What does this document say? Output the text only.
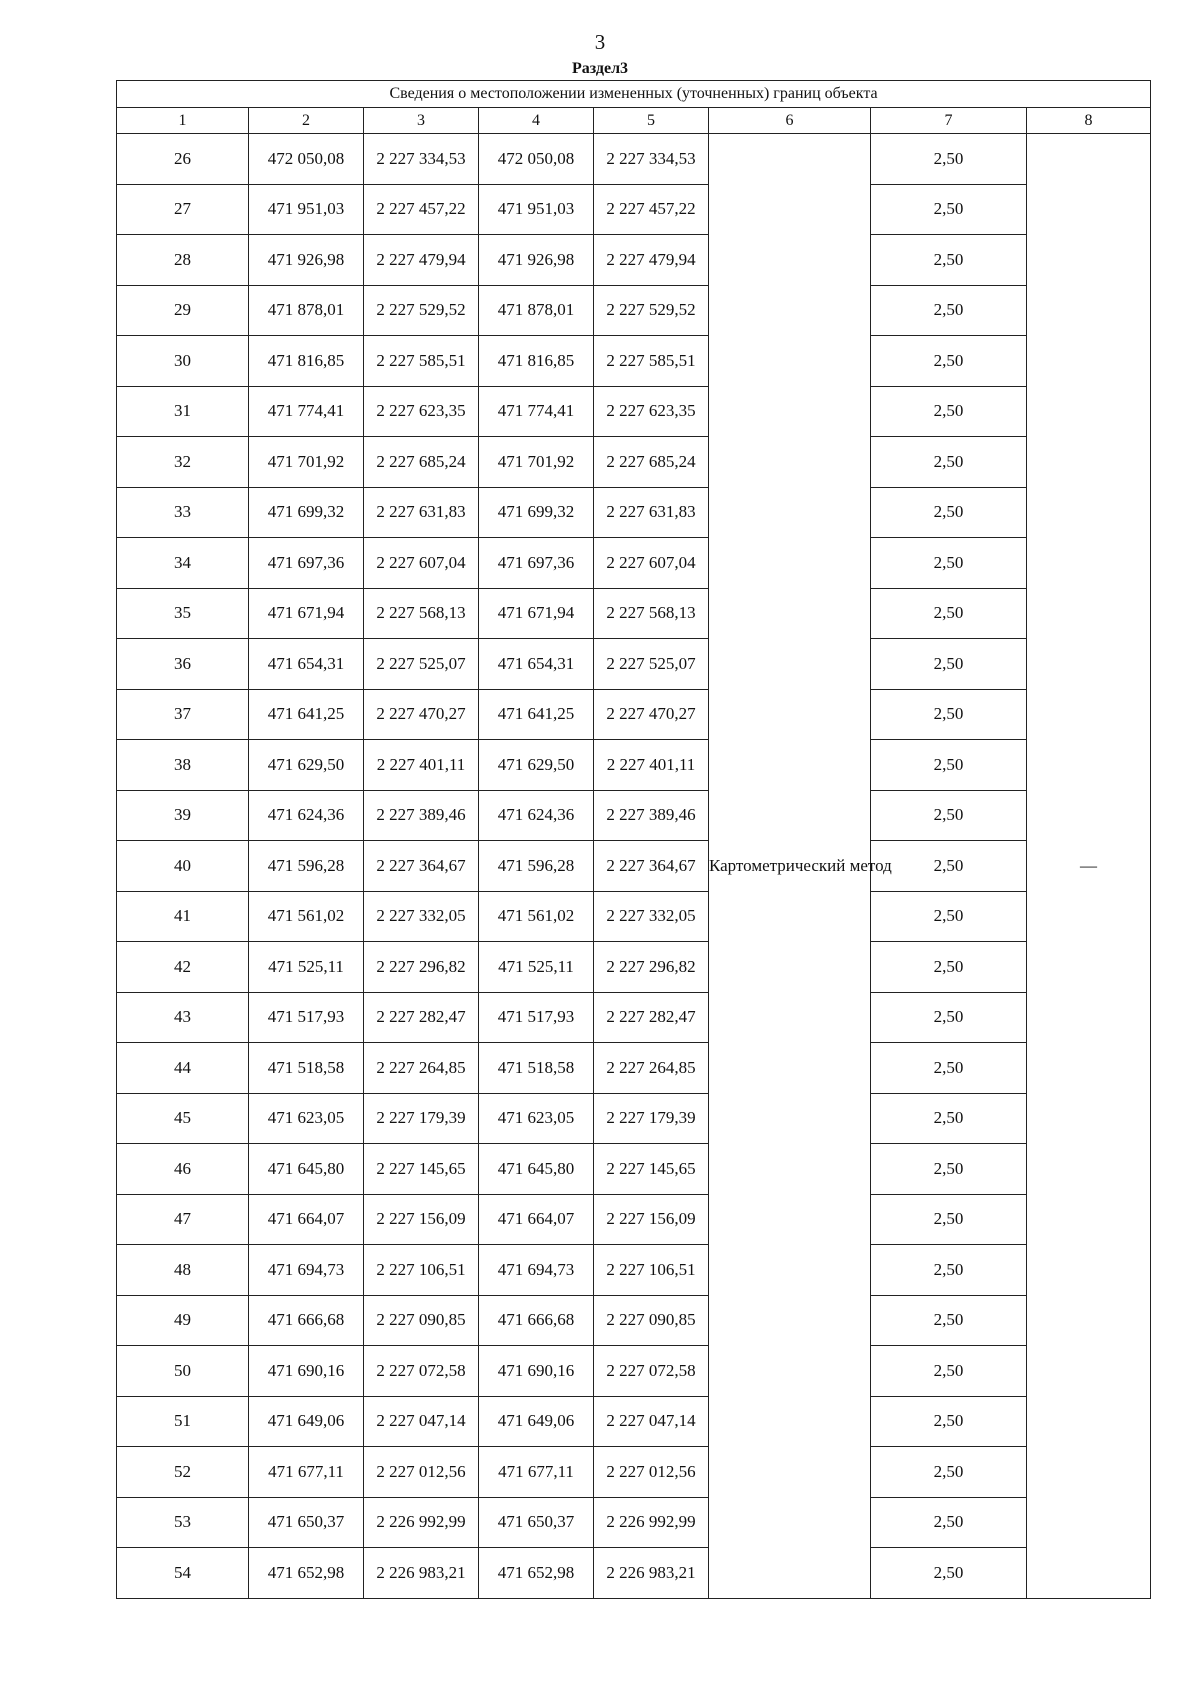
3
Раздел3
Сведения о местоположении измененных (уточненных) границ объекта							
1	2	3	4	5	6	7	8
26	472 050,08	2 227 334,53	472 050,08	2 227 334,53	Картометрический метод	2,50	—
27	471 951,03	2 227 457,22	471 951,03	2 227 457,22		2,50	
28	471 926,98	2 227 479,94	471 926,98	2 227 479,94		2,50	
29	471 878,01	2 227 529,52	471 878,01	2 227 529,52		2,50	
30	471 816,85	2 227 585,51	471 816,85	2 227 585,51		2,50	
31	471 774,41	2 227 623,35	471 774,41	2 227 623,35		2,50	
32	471 701,92	2 227 685,24	471 701,92	2 227 685,24		2,50	
33	471 699,32	2 227 631,83	471 699,32	2 227 631,83		2,50	
34	471 697,36	2 227 607,04	471 697,36	2 227 607,04		2,50	
35	471 671,94	2 227 568,13	471 671,94	2 227 568,13		2,50	
36	471 654,31	2 227 525,07	471 654,31	2 227 525,07		2,50	
37	471 641,25	2 227 470,27	471 641,25	2 227 470,27		2,50	
38	471 629,50	2 227 401,11	471 629,50	2 227 401,11		2,50	
39	471 624,36	2 227 389,46	471 624,36	2 227 389,46		2,50	
40	471 596,28	2 227 364,67	471 596,28	2 227 364,67		2,50	
41	471 561,02	2 227 332,05	471 561,02	2 227 332,05		2,50	
42	471 525,11	2 227 296,82	471 525,11	2 227 296,82		2,50	
43	471 517,93	2 227 282,47	471 517,93	2 227 282,47		2,50	
44	471 518,58	2 227 264,85	471 518,58	2 227 264,85		2,50	
45	471 623,05	2 227 179,39	471 623,05	2 227 179,39		2,50	
46	471 645,80	2 227 145,65	471 645,80	2 227 145,65		2,50	
47	471 664,07	2 227 156,09	471 664,07	2 227 156,09		2,50	
48	471 694,73	2 227 106,51	471 694,73	2 227 106,51		2,50	
49	471 666,68	2 227 090,85	471 666,68	2 227 090,85		2,50	
50	471 690,16	2 227 072,58	471 690,16	2 227 072,58		2,50	
51	471 649,06	2 227 047,14	471 649,06	2 227 047,14		2,50	
52	471 677,11	2 227 012,56	471 677,11	2 227 012,56		2,50	
53	471 650,37	2 226 992,99	471 650,37	2 226 992,99		2,50	
54	471 652,98	2 226 983,21	471 652,98	2 226 983,21		2,50	
